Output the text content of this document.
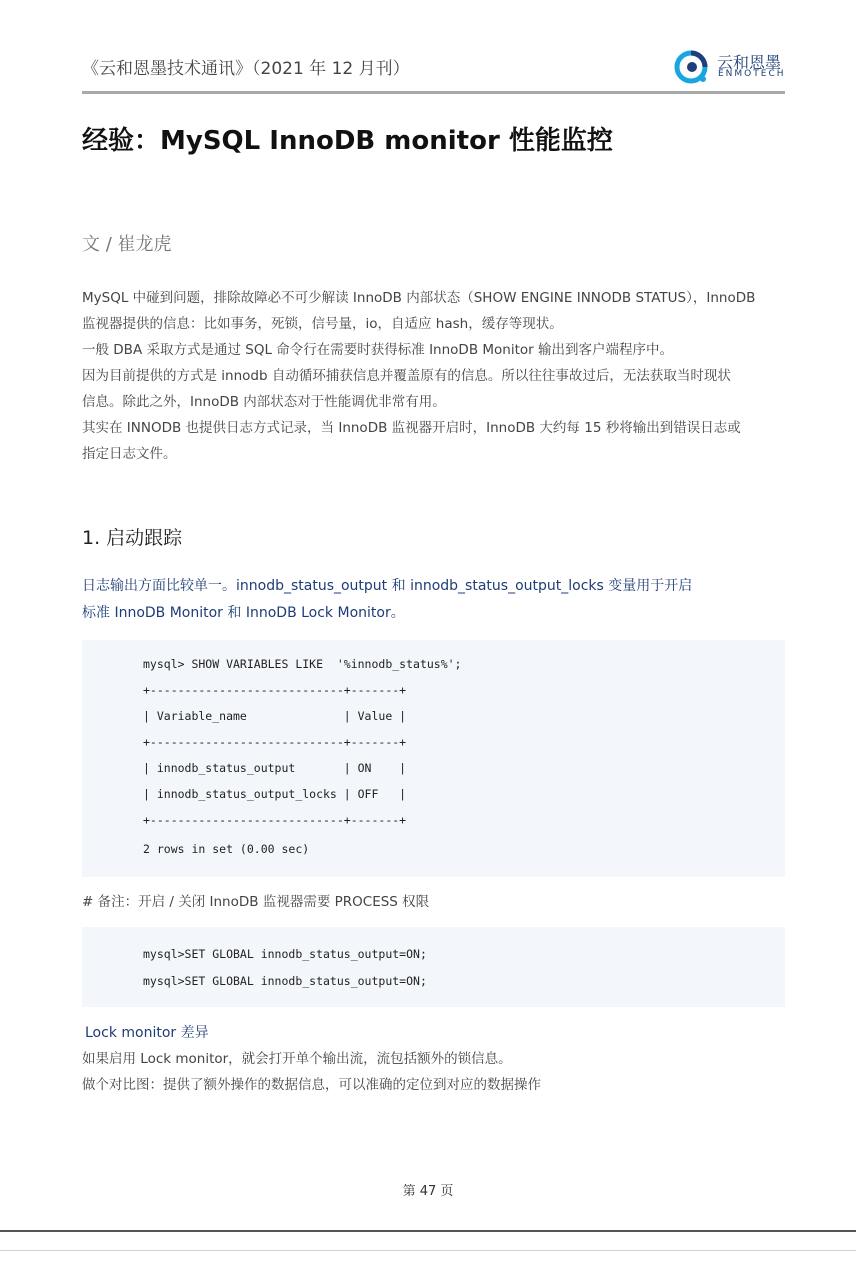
《云和恩墨技术通讯》（2021 年 12 月刊）	云和恩墨
ENMOTECH
经验：MySQL InnoDB monitor 性能监控
文 / 崔龙虎

MySQL 中碰到问题，排除故障必不可少解读 InnoDB 内部状态（SHOW ENGINE INNODB STATUS），InnoDB

监视器提供的信息：比如事务，死锁，信号量，io，自适应 hash，缓存等现状。

一般 DBA 采取方式是通过 SQL 命令行在需要时获得标准 InnoDB Monitor 输出到客户端程序中。

因为目前提供的方式是 innodb 自动循环捕获信息并覆盖原有的信息。所以往往事故过后，无法获取当时现状

信息。除此之外，InnoDB 内部状态对于性能调优非常有用。

其实在 INNODB 也提供日志方式记录，当 InnoDB 监视器开启时，InnoDB 大约每 15 秒将输出到错误日志或

指定日志文件。

1. 启动跟踪

日志输出方面比较单一。innodb_status_output 和 innodb_status_output_locks 变量用于开启

标准 InnoDB Monitor 和 InnoDB Lock Monitor。

mysql> SHOW VARIABLES LIKE  '%innodb_status%';
+----------------------------+-------+
| Variable_name              | Value |
+----------------------------+-------+
| innodb_status_output       | ON    |
| innodb_status_output_locks | OFF   |
+----------------------------+-------+
2 rows in set (0.00 sec)
# 备注：开启 / 关闭 InnoDB 监视器需要 PROCESS 权限
mysql>SET GLOBAL innodb_status_output=ON;
mysql>SET GLOBAL innodb_status_output=ON;
Lock monitor 差异

如果启用 Lock monitor，就会打开单个输出流，流包括额外的锁信息。

做个对比图：提供了额外操作的数据信息，可以准确的定位到对应的数据操作

第 47 页
